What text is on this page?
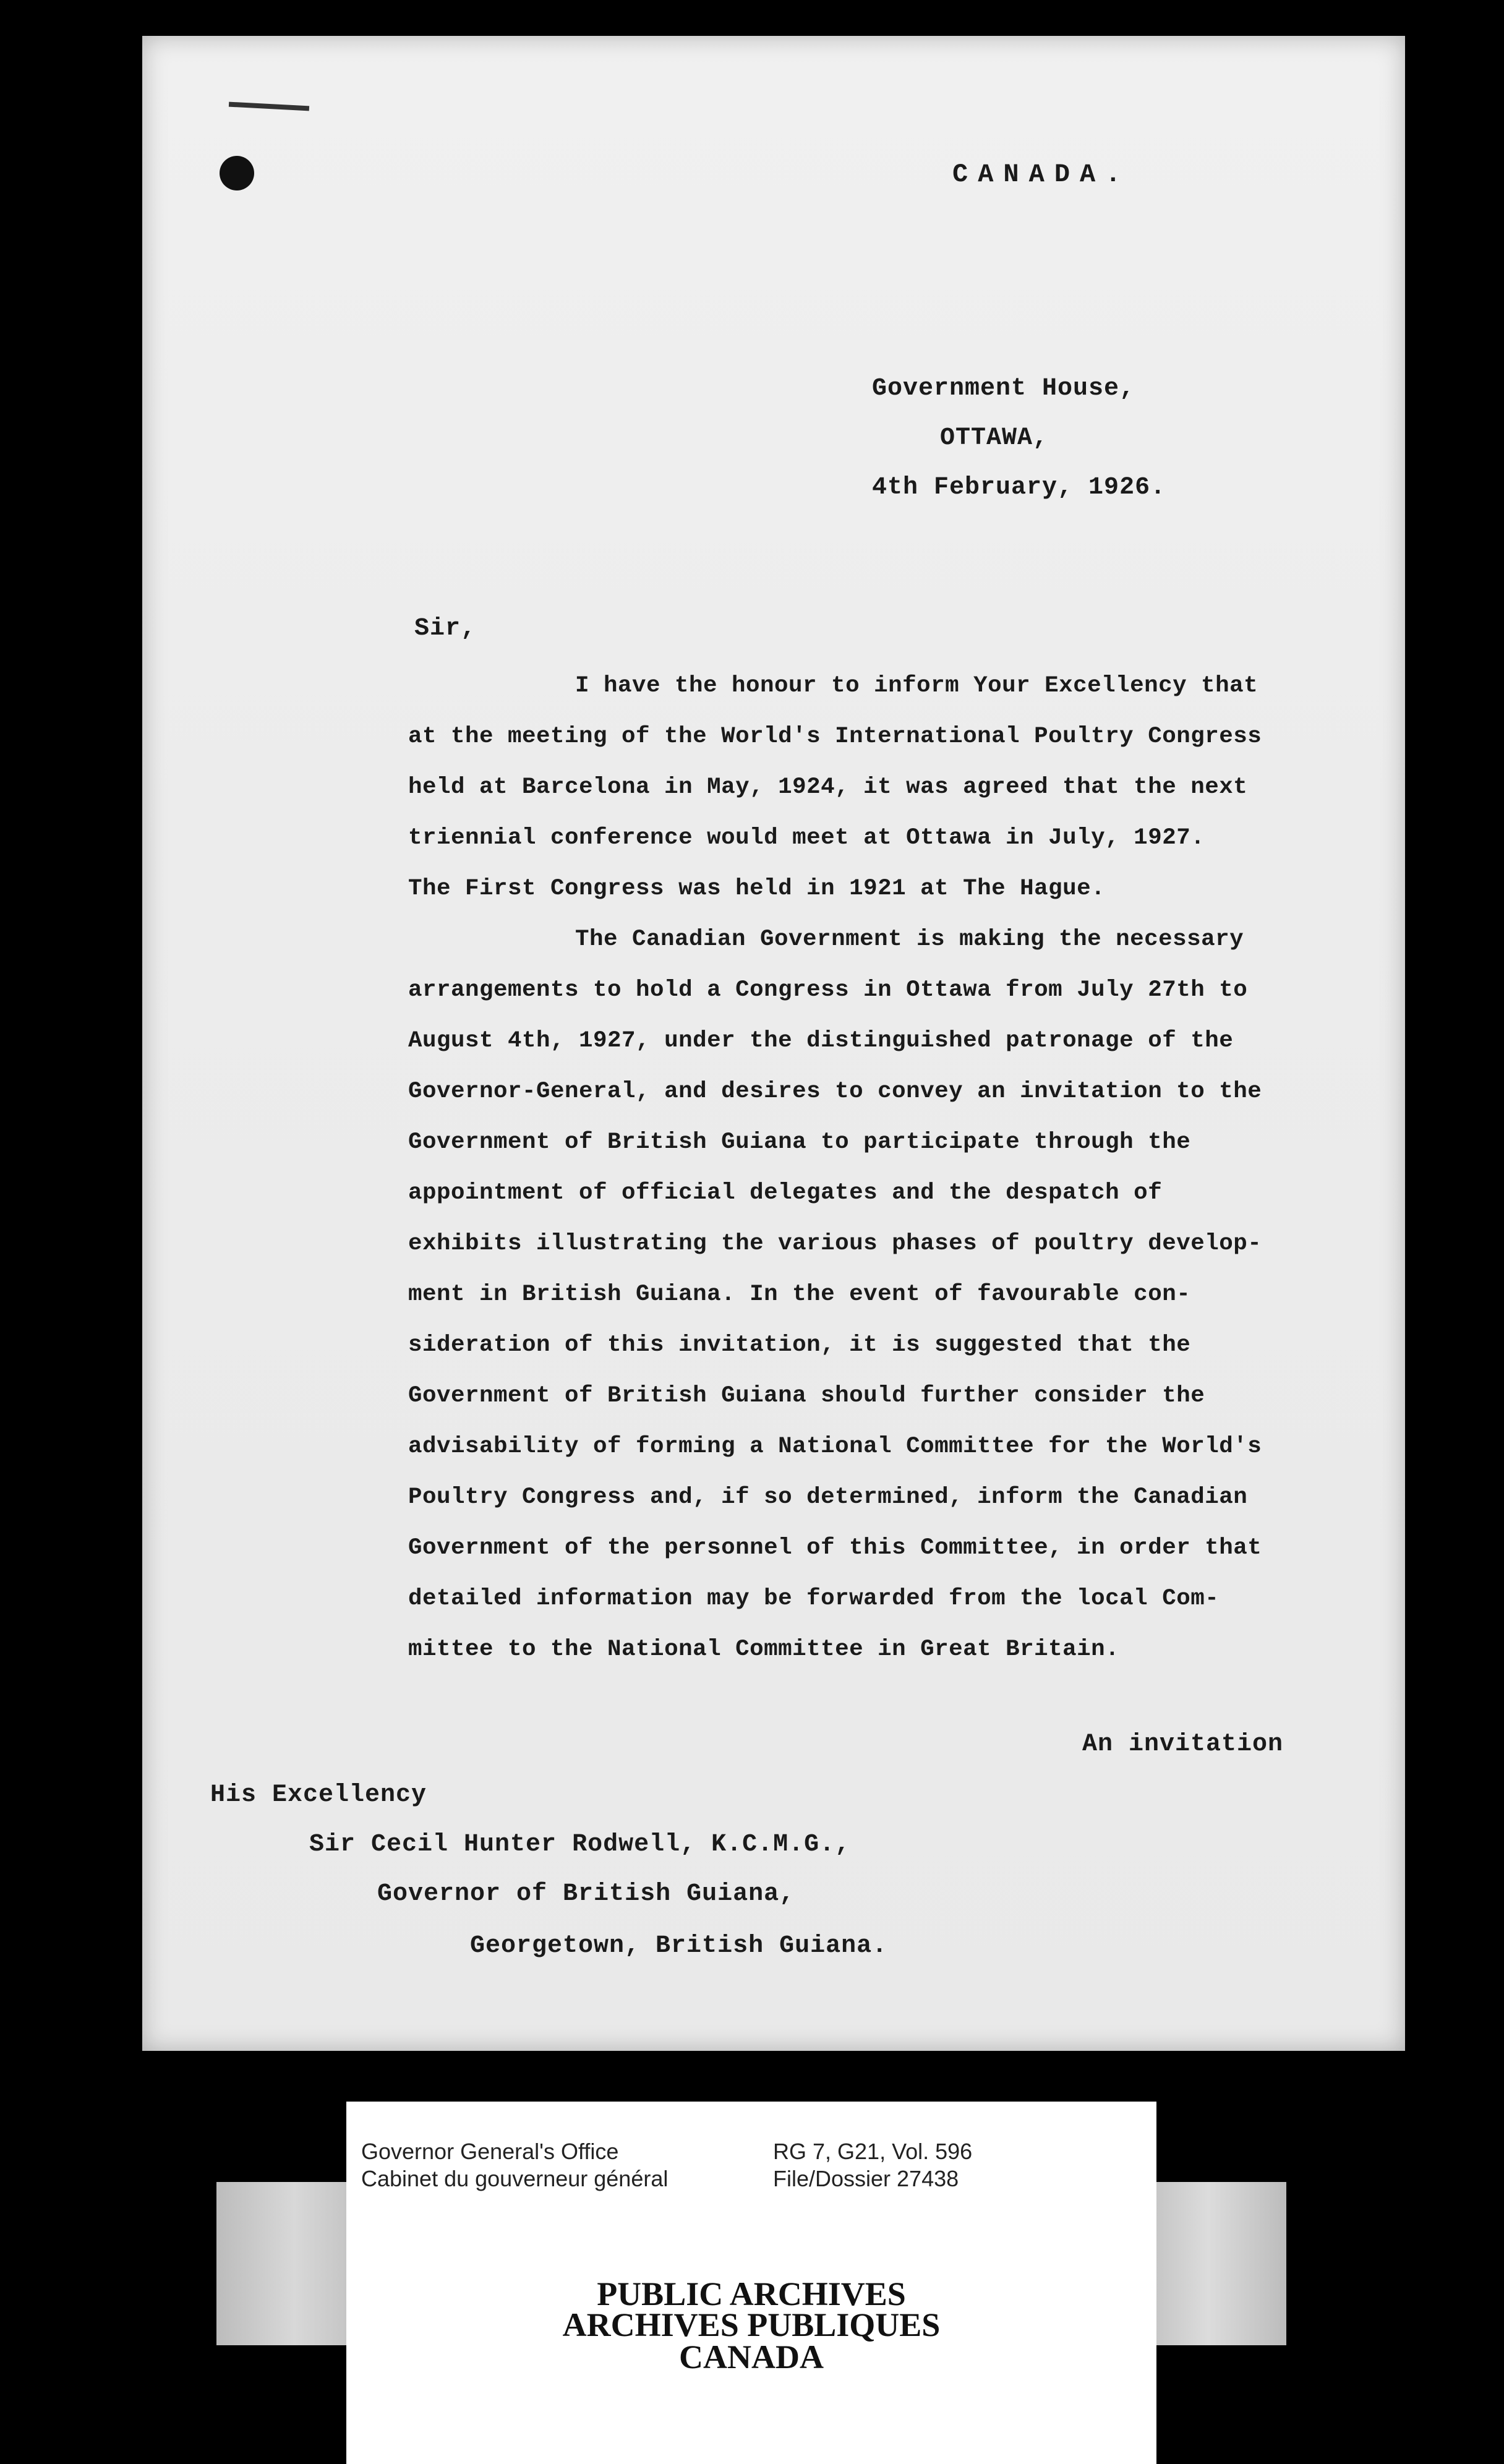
CANADA.
Government House,
OTTAWA,
4th February, 1926.
Sir,
I have the honour to inform Your Excellency that
at the meeting of the World's International Poultry Congress
held at Barcelona in May, 1924, it was agreed that the next
triennial conference would meet at Ottawa in July, 1927.
The First Congress was held in 1921 at The Hague.
The Canadian Government is making the necessary
arrangements to hold a Congress in Ottawa from July 27th to
August 4th, 1927, under the distinguished patronage of the
Governor-General, and desires to convey an invitation to the
Government of British Guiana to participate through the
appointment of official delegates and the despatch of
exhibits illustrating the various phases of poultry develop-
ment in British Guiana. In the event of favourable con-
sideration of this invitation, it is suggested that the
Government of British Guiana should further consider the
advisability of forming a National Committee for the World's
Poultry Congress and, if so determined, inform the Canadian
Government of the personnel of this Committee, in order that
detailed information may be forwarded from the local Com-
mittee to the National Committee in Great Britain.
An invitation
His Excellency
Sir Cecil Hunter Rodwell, K.C.M.G.,
Governor of British Guiana,
Georgetown, British Guiana.
Governor General's Office
Cabinet du gouverneur général
RG 7, G21, Vol. 596
File/Dossier 27438
PUBLIC ARCHIVES
ARCHIVES PUBLIQUES
CANADA
